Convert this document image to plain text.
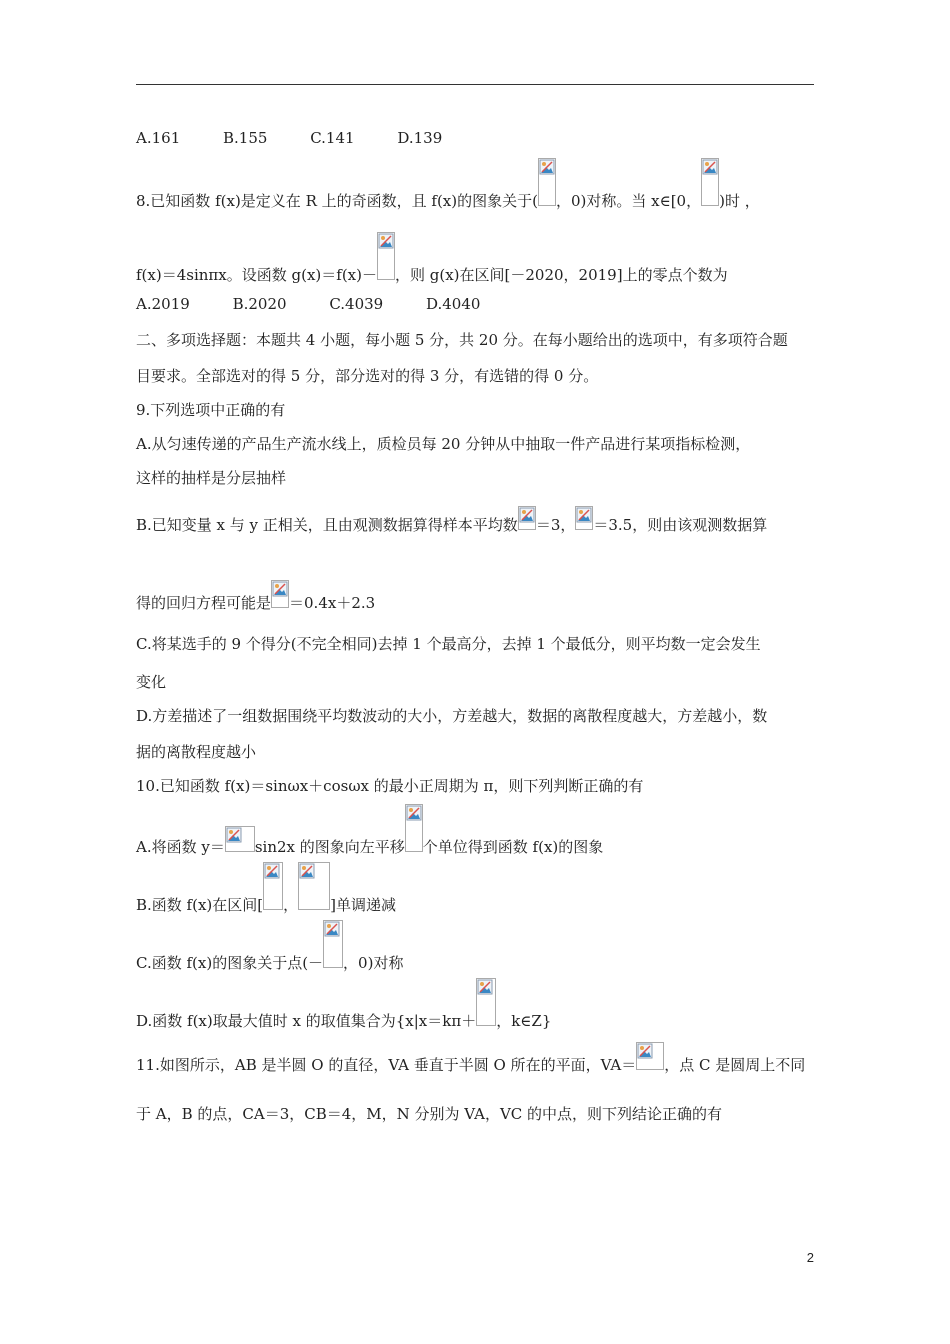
A.161	B.155	C.141	D.139
8.已知函数 f(x)是定义在 R 上的奇函数，且 f(x)的图象关于( ，0)对称。当 x∈[0， )时 ，
f(x)＝4sinπx。设函数 g(x)＝f(x)－ ，则 g(x)在区间[－2020，2019]上的零点个数为
A.2019	B.2020	C.4039	D.4040
二、多项选择题：本题共 4 小题，每小题 5 分，共 20 分。在每小题给出的选项中，有多项符合题
目要求。全部选对的得 5 分，部分选对的得 3 分，有选错的得 0 分。
9.下列选项中正确的有
A.从匀速传递的产品生产流水线上，质检员每 20 分钟从中抽取一件产品进行某项指标检测，
这样的抽样是分层抽样
B.已知变量 x 与 y 正相关，且由观测数据算得样本平均数 ＝3， ＝3.5，则由该观测数据算
得的回归方程可能是 ＝0.4x＋2.3
C.将某选手的 9 个得分(不完全相同)去掉 1 个最高分，去掉 1 个最低分，则平均数一定会发生
变化
D.方差描述了一组数据围绕平均数波动的大小，方差越大，数据的离散程度越大，方差越小，数
据的离散程度越小
10.已知函数 f(x)＝sinωx＋cosωx 的最小正周期为 π，则下列判断正确的有
A.将函数 y＝ sin2x 的图象向左平移 个单位得到函数 f(x)的图象
B.函数 f(x)在区间[ ， ]单调递减
C.函数 f(x)的图象关于点(－ ，0)对称
D.函数 f(x)取最大值时 x 的取值集合为{x|x＝kπ＋ ，k∈Z}
11.如图所示，AB 是半圆 O 的直径，VA 垂直于半圆 O 所在的平面，VA＝ ，点 C 是圆周上不同
于 A，B 的点，CA＝3，CB＝4，M，N 分别为 VA，VC 的中点，则下列结论正确的有
2
